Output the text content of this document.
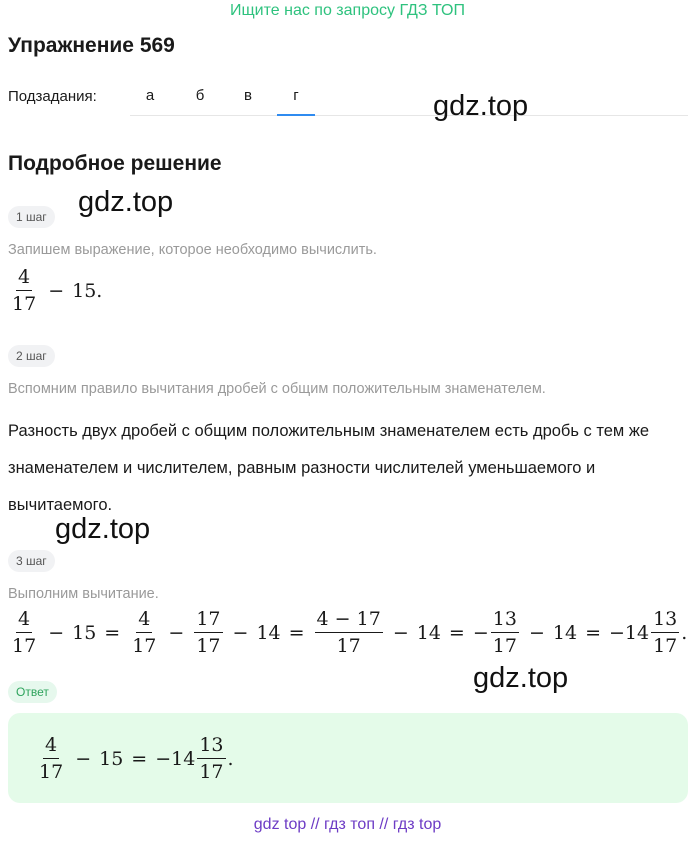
Ищите нас по запросу ГДЗ ТОП
Упражнение 569
Подзадания:	а	б	в	г	gdz.top
Подробное решение
gdz.top
1 шаг
Запишем выражение, которое необходимо вычислить.
$\frac{4}{17} - 15$ .
2 шаг
Вспомним правило вычитания дробей с общим положительным знаменателем.
Разность двух дробей с общим положительным знаменателем есть дробь с тем же знаменателем и числителем, равным разности числителей уменьшаемого и вычитаемого.
gdz.top
3 шаг
Выполним вычитание.
$\frac{4}{17} - 15 = \frac{4}{17} - \frac{17}{17} - 14 = \frac{4 - 17}{17} - 14$ = − $\frac{13}{17} - 14 = -14 \frac{13}{17}$ .
gdz.top
Ответ
$\frac{4}{17} - 15 = -14 \frac{13}{17}$ .
gdz top // гдз топ // гдз top
